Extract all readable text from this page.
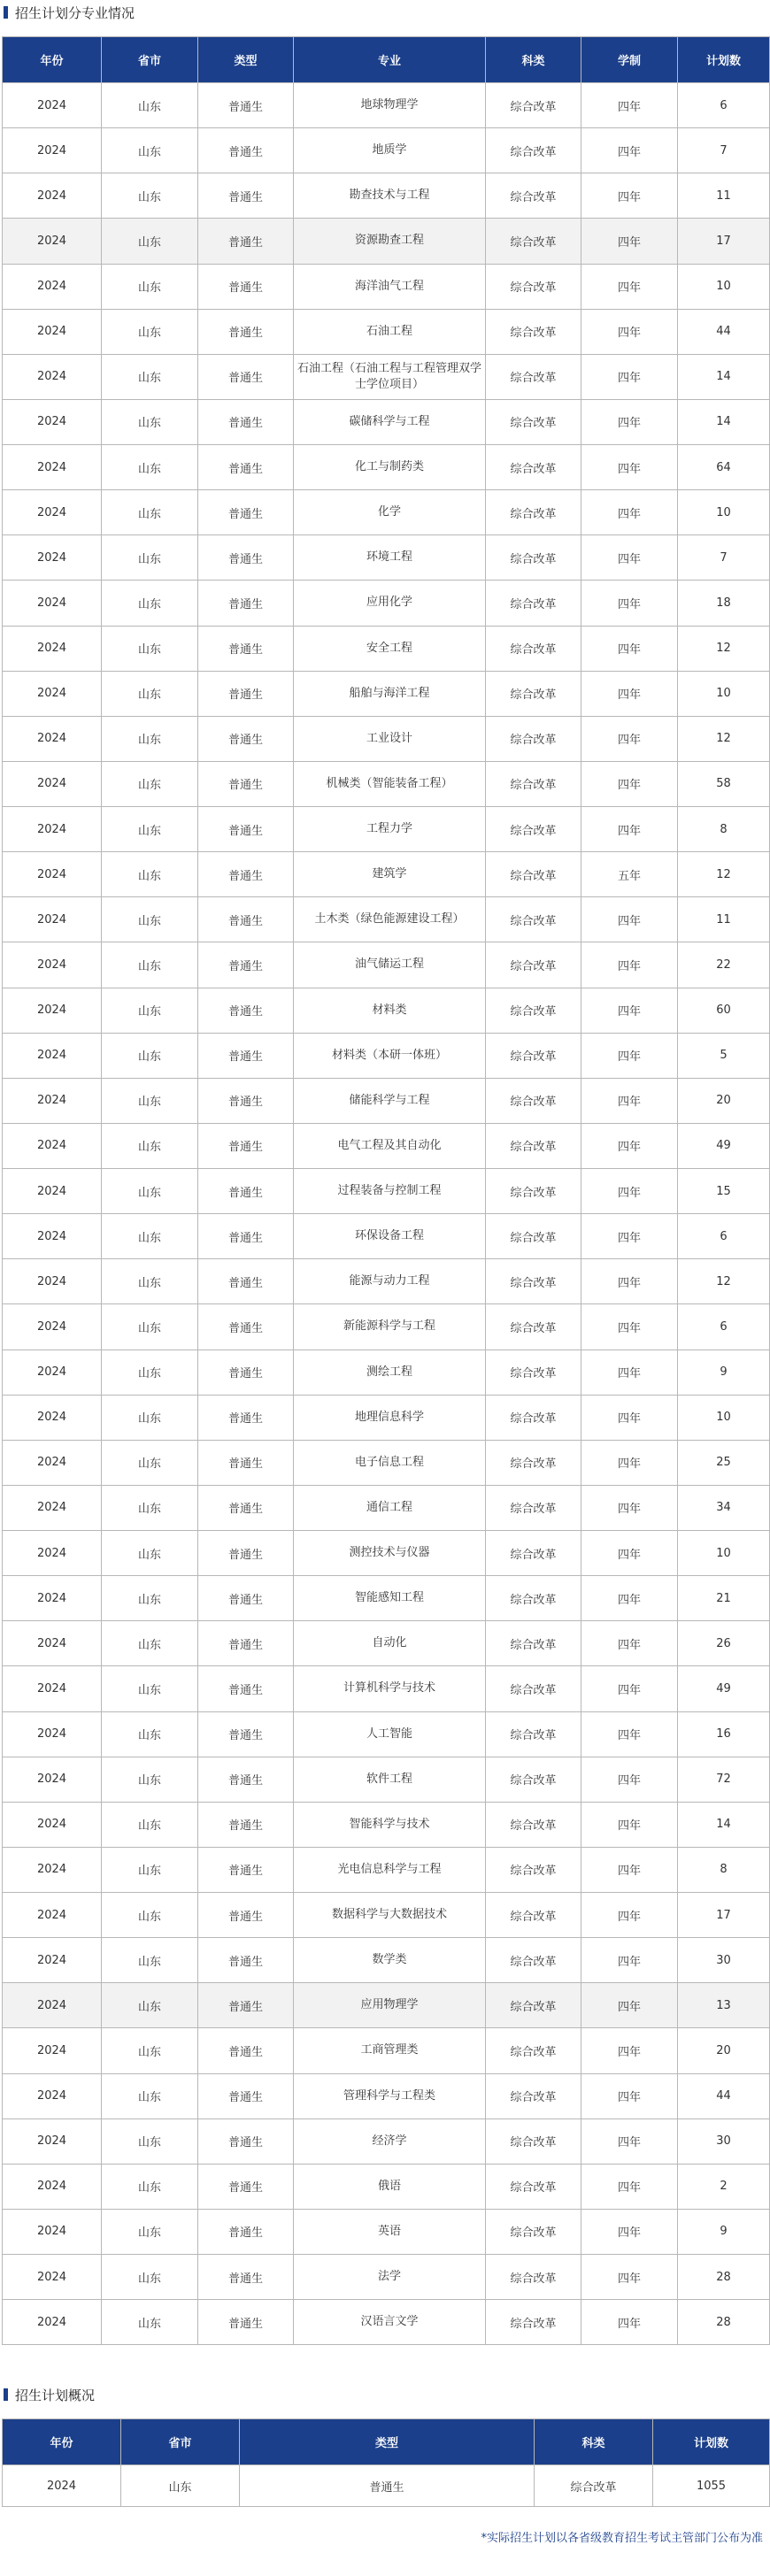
招生计划分专业情况
年份	省市	类型	专业	科类	学制	计划数
2024	山东	普通生	地球物理学	综合改革	四年	6
2024	山东	普通生	地质学	综合改革	四年	7
2024	山东	普通生	勘查技术与工程	综合改革	四年	11
2024	山东	普通生	资源勘查工程	综合改革	四年	17
2024	山东	普通生	海洋油气工程	综合改革	四年	10
2024	山东	普通生	石油工程	综合改革	四年	44
2024	山东	普通生	石油工程（石油工程与工程管理双学士学位项目）	综合改革	四年	14
2024	山东	普通生	碳储科学与工程	综合改革	四年	14
2024	山东	普通生	化工与制药类	综合改革	四年	64
2024	山东	普通生	化学	综合改革	四年	10
2024	山东	普通生	环境工程	综合改革	四年	7
2024	山东	普通生	应用化学	综合改革	四年	18
2024	山东	普通生	安全工程	综合改革	四年	12
2024	山东	普通生	船舶与海洋工程	综合改革	四年	10
2024	山东	普通生	工业设计	综合改革	四年	12
2024	山东	普通生	机械类（智能装备工程）	综合改革	四年	58
2024	山东	普通生	工程力学	综合改革	四年	8
2024	山东	普通生	建筑学	综合改革	五年	12
2024	山东	普通生	土木类（绿色能源建设工程）	综合改革	四年	11
2024	山东	普通生	油气储运工程	综合改革	四年	22
2024	山东	普通生	材料类	综合改革	四年	60
2024	山东	普通生	材料类（本研一体班）	综合改革	四年	5
2024	山东	普通生	储能科学与工程	综合改革	四年	20
2024	山东	普通生	电气工程及其自动化	综合改革	四年	49
2024	山东	普通生	过程装备与控制工程	综合改革	四年	15
2024	山东	普通生	环保设备工程	综合改革	四年	6
2024	山东	普通生	能源与动力工程	综合改革	四年	12
2024	山东	普通生	新能源科学与工程	综合改革	四年	6
2024	山东	普通生	测绘工程	综合改革	四年	9
2024	山东	普通生	地理信息科学	综合改革	四年	10
2024	山东	普通生	电子信息工程	综合改革	四年	25
2024	山东	普通生	通信工程	综合改革	四年	34
2024	山东	普通生	测控技术与仪器	综合改革	四年	10
2024	山东	普通生	智能感知工程	综合改革	四年	21
2024	山东	普通生	自动化	综合改革	四年	26
2024	山东	普通生	计算机科学与技术	综合改革	四年	49
2024	山东	普通生	人工智能	综合改革	四年	16
2024	山东	普通生	软件工程	综合改革	四年	72
2024	山东	普通生	智能科学与技术	综合改革	四年	14
2024	山东	普通生	光电信息科学与工程	综合改革	四年	8
2024	山东	普通生	数据科学与大数据技术	综合改革	四年	17
2024	山东	普通生	数学类	综合改革	四年	30
2024	山东	普通生	应用物理学	综合改革	四年	13
2024	山东	普通生	工商管理类	综合改革	四年	20
2024	山东	普通生	管理科学与工程类	综合改革	四年	44
2024	山东	普通生	经济学	综合改革	四年	30
2024	山东	普通生	俄语	综合改革	四年	2
2024	山东	普通生	英语	综合改革	四年	9
2024	山东	普通生	法学	综合改革	四年	28
2024	山东	普通生	汉语言文学	综合改革	四年	28
招生计划概况
年份	省市	类型	科类	计划数
2024	山东	普通生	综合改革	1055
*实际招生计划以各省级教育招生考试主管部门公布为准
